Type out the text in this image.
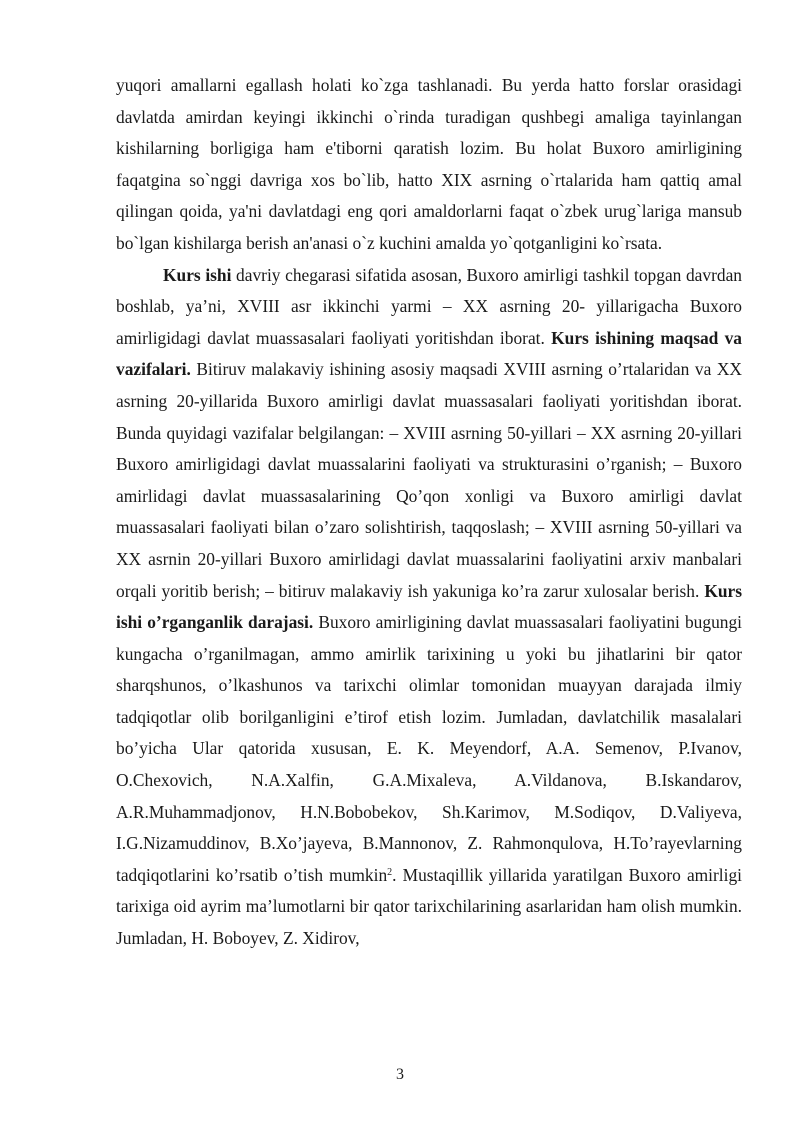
yuqori amallarni egallash holati ko`zga tashlanadi. Bu yerda hatto forslar orasidagi davlatda amirdan keyingi ikkinchi o`rinda turadigan qushbegi amaliga tayinlangan kishilarning borligiga ham e'tiborni qaratish lozim. Bu holat Buxoro amirligining faqatgina so`nggi davriga xos bo`lib, hatto XIX asrning o`rtalarida ham qattiq amal qilingan qoida, ya'ni davlatdagi eng qori amaldorlarni faqat o`zbek urug`lariga mansub bo`lgan kishilarga berish an'anasi o`z kuchini amalda yo`qotganligini ko`rsata.

Kurs ishi davriy chegarasi sifatida asosan, Buxoro amirligi tashkil topgan davrdan boshlab, ya’ni, XVIII asr ikkinchi yarmi – XX asrning 20- yillarigacha Buxoro amirligidagi davlat muassasalari faoliyati yoritishdan iborat. Kurs ishining maqsad va vazifalari. Bitiruv malakaviy ishining asosiy maqsadi XVIII asrning o’rtalaridan va XX asrning 20-yillarida Buxoro amirligi davlat muassasalari faoliyati yoritishdan iborat. Bunda quyidagi vazifalar belgilangan: – XVIII asrning 50-yillari – XX asrning 20-yillari Buxoro amirligidagi davlat muassalarini faoliyati va strukturasini o’rganish; – Buxoro amirlidagi davlat muassasalarining Qo’qon xonligi va Buxoro amirligi davlat muassasalari faoliyati bilan o’zaro solishtirish, taqqoslash; – XVIII asrning 50-yillari va XX asrnin 20-yillari Buxoro amirlidagi davlat muassalarini faoliyatini arxiv manbalari orqali yoritib berish; – bitiruv malakaviy ish yakuniga ko’ra zarur xulosalar berish. Kurs ishi o’rganganlik darajasi. Buxoro amirligining davlat muassasalari faoliyatini bugungi kungacha o’rganilmagan, ammo amirlik tarixining u yoki bu jihatlarini bir qator sharqshunos, o’lkashunos va tarixchi olimlar tomonidan muayyan darajada ilmiy tadqiqotlar olib borilganligini e’tirof etish lozim. Jumladan, davlatchilik masalalari bo’yicha Ular qatorida xususan, E. K. Meyendorf, A.A. Semenov, P.Ivanov, O.Chexovich, N.A.Xalfin, G.A.Mixaleva, A.Vildanova, B.Iskandarov, A.R.Muhammadjonov, H.N.Bobobekov, Sh.Karimov, M.Sodiqov, D.Valiyeva, I.G.Nizamuddinov, B.Xo’jayeva, B.Mannonov, Z. Rahmonqulova, H.To’rayevlarning tadqiqotlarini ko’rsatib o’tish mumkin$^2$. Mustaqillik yillarida yaratilgan Buxoro amirligi tarixiga oid ayrim ma’lumotlarni bir qator tarixchilarining asarlaridan ham olish mumkin. Jumladan, H. Boboyev, Z. Xidirov,

3
